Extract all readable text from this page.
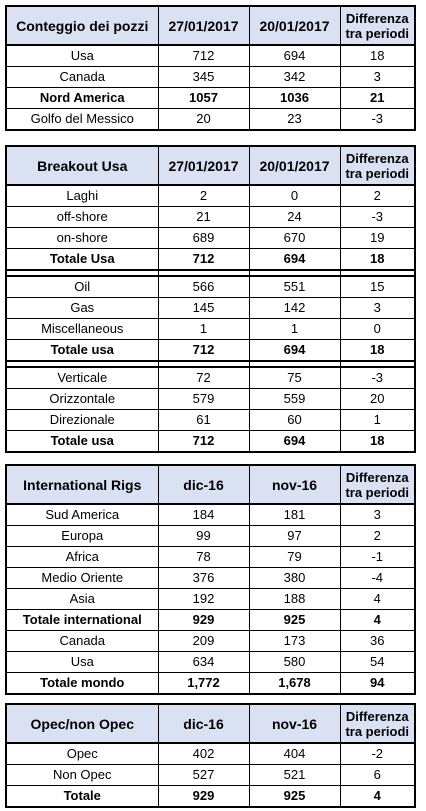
Conteggio dei pozzi	27/01/2017	20/01/2017	Differenza tra periodi
Usa	712	694	18
Canada	345	342	3
Nord America	1057	1036	21
Golfo del Messico	20	23	-3
Breakout Usa	27/01/2017	20/01/2017	Differenza tra periodi
Laghi	2	0	2
off-shore	21	24	-3
on-shore	689	670	19
Totale Usa	712	694	18

Oil	566	551	15
Gas	145	142	3
Miscellaneous	1	1	0
Totale usa	712	694	18

Verticale	72	75	-3
Orizzontale	579	559	20
Direzionale	61	60	1
Totale usa	712	694	18
International Rigs	dic-16	nov-16	Differenza tra periodi
Sud America	184	181	3
Europa	99	97	2
Africa	78	79	-1
Medio Oriente	376	380	-4
Asia	192	188	4
Totale international	929	925	4
Canada	209	173	36
Usa	634	580	54
Totale mondo	1,772	1,678	94
Opec/non Opec	dic-16	nov-16	Differenza tra periodi
Opec	402	404	-2
Non Opec	527	521	6
Totale	929	925	4
